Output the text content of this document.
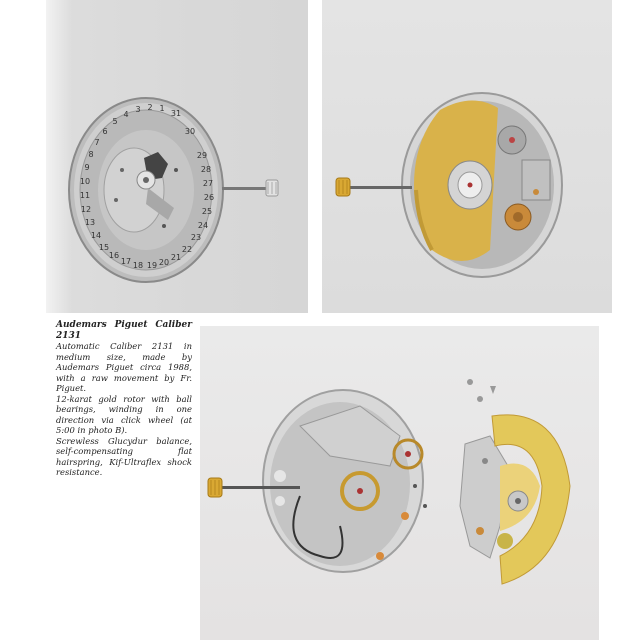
29
28
27
26
25
24
23
22
21
20
19
18
17
16
15
14
13
12
11
10
9
8
7
6
5
4
3 2 1
31
30
Audemars Piguet Caliber 2131

Automatic Caliber 2131 in medium size, made by Audemars Piguet circa 1988, with a raw movement by Fr. Piguet.

12-karat gold rotor with ball bearings, winding in one direction via click wheel (at 5:00 in photo B).

Screwless Glucydur balance, self-compensating flat hairspring, Kif-Ultraflex shock resistance.
